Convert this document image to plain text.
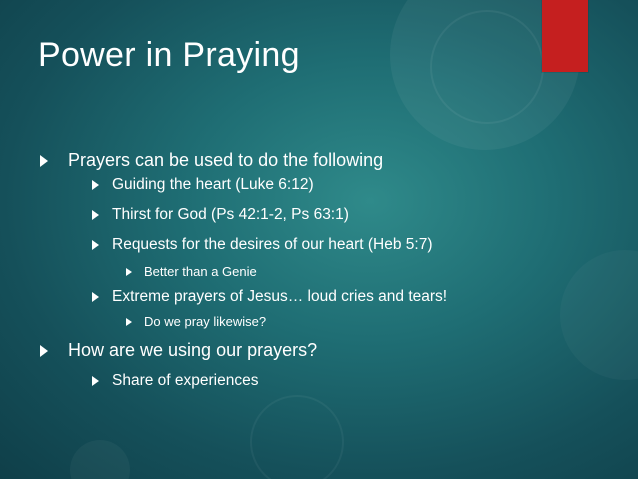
Power in Praying
Prayers can be used to do the following
Guiding the heart (Luke 6:12)
Thirst for God (Ps 42:1-2, Ps 63:1)
Requests for the desires of our heart (Heb 5:7)
Better than a Genie
Extreme prayers of Jesus… loud cries and tears!
Do we pray likewise?
How are we using our prayers?
Share of experiences
